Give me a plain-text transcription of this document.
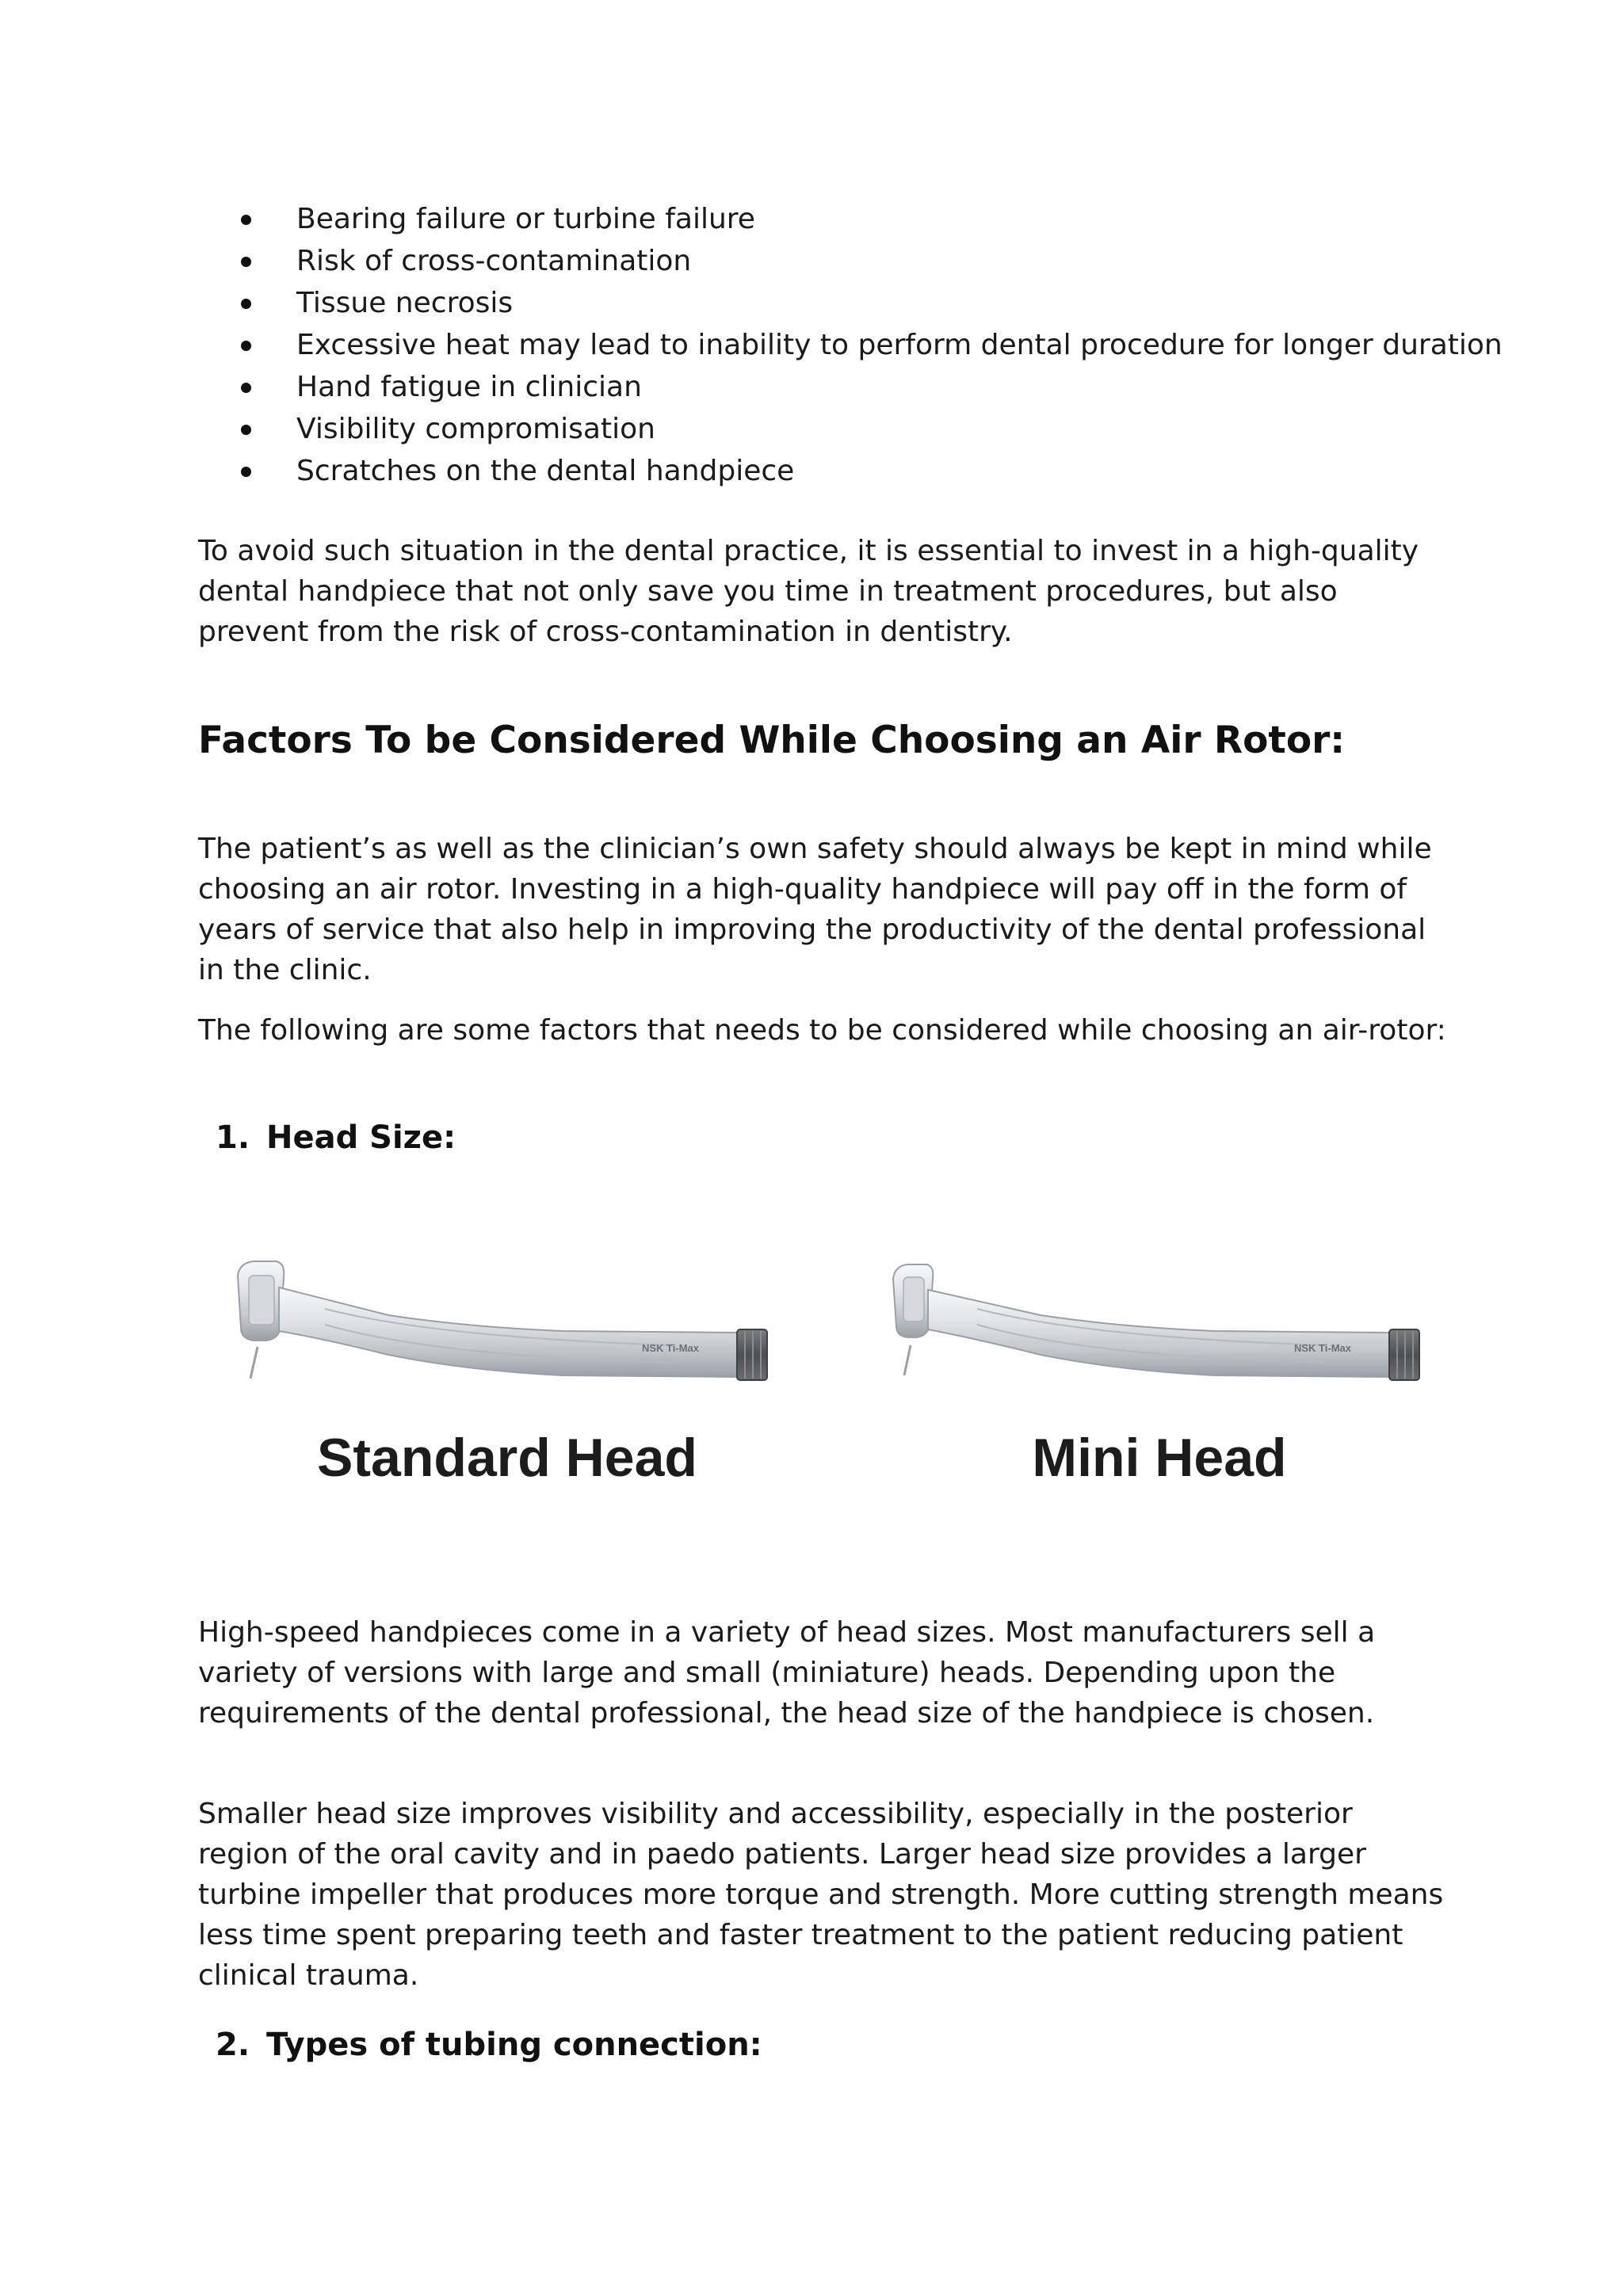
Bearing failure or turbine failure
Risk of cross-contamination
Tissue necrosis
Excessive heat may lead to inability to perform dental procedure for longer duration
Hand fatigue in clinician
Visibility compromisation
Scratches on the dental handpiece

To avoid such situation in the dental practice, it is essential to invest in a high-quality dental handpiece that not only save you time in treatment procedures, but also prevent from the risk of cross-contamination in dentistry.

Factors To be Considered While Choosing an Air Rotor:

The patient’s as well as the clinician’s own safety should always be kept in mind while choosing an air rotor. Investing in a high-quality handpiece will pay off in the form of years of service that also help in improving the productivity of the dental professional in the clinic.

The following are some factors that needs to be considered while choosing an air-rotor:

1. Head Size:
NSK Ti-Max
Standard Head
NSK Ti-Max
Mini Head

High-speed handpieces come in a variety of head sizes. Most manufacturers sell a variety of versions with large and small (miniature) heads. Depending upon the requirements of the dental professional, the head size of the handpiece is chosen.

Smaller head size improves visibility and accessibility, especially in the posterior region of the oral cavity and in paedo patients. Larger head size provides a larger turbine impeller that produces more torque and strength. More cutting strength means less time spent preparing teeth and faster treatment to the patient reducing patient clinical trauma.

2. Types of tubing connection:
